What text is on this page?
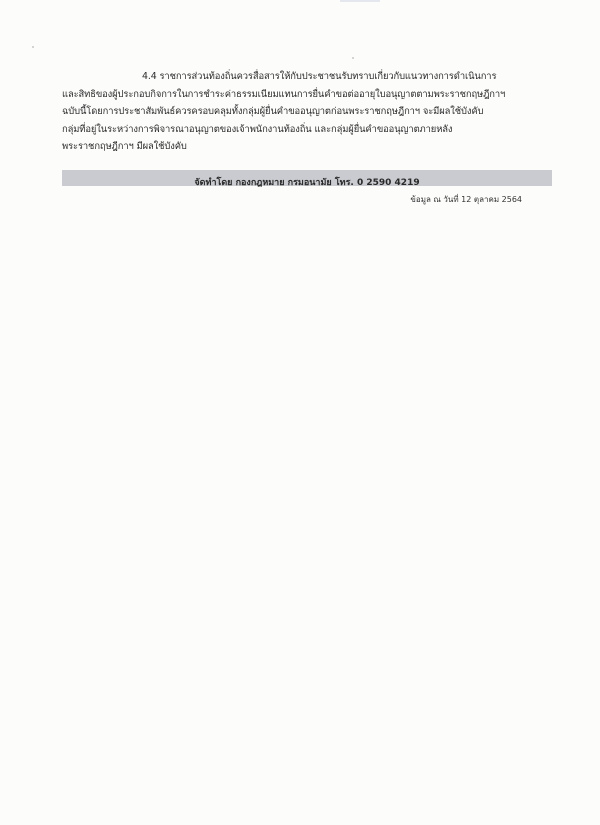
4.4 ราชการส่วนท้องถิ่นควรสื่อสารให้กับประชาชนรับทราบเกี่ยวกับแนวทางการดำเนินการ
และสิทธิของผู้ประกอบกิจการในการชำระค่าธรรมเนียมแทนการยื่นคำขอต่ออายุใบอนุญาตตามพระราชกฤษฎีกาฯ
ฉบับนี้โดยการประชาสัมพันธ์ควรครอบคลุมทั้งกลุ่มผู้ยื่นคำขออนุญาตก่อนพระราชกฤษฎีกาฯ จะมีผลใช้บังคับ
กลุ่มที่อยู่ในระหว่างการพิจารณาอนุญาตของเจ้าพนักงานท้องถิ่น และกลุ่มผู้ยื่นคำขออนุญาตภายหลัง
พระราชกฤษฎีกาฯ มีผลใช้บังคับ
จัดทำโดย กองกฎหมาย กรมอนามัย โทร. 0 2590 4219
ข้อมูล ณ วันที่ 12 ตุลาคม 2564
